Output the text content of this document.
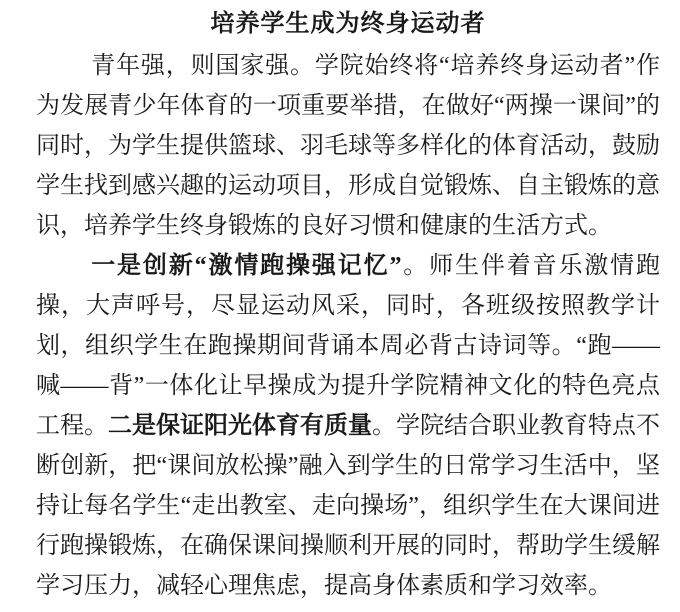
培养学生成为终身运动者

青年强，则国家强。学院始终将“培养终身运动者”作为发展青少年体育的一项重要举措，在做好“两操一课间”的同时，为学生提供篮球、羽毛球等多样化的体育活动，鼓励学生找到感兴趣的运动项目，形成自觉锻炼、自主锻炼的意识，培养学生终身锻炼的良好习惯和健康的生活方式。

一是创新“激情跑操强记忆”。师生伴着音乐激情跑操，大声呼号，尽显运动风采，同时，各班级按照教学计划，组织学生在跑操期间背诵本周必背古诗词等。“跑——喊——背”一体化让早操成为提升学院精神文化的特色亮点工程。二是保证阳光体育有质量。学院结合职业教育特点不断创新，把“课间放松操”融入到学生的日常学习生活中，坚持让每名学生“走出教室、走向操场”，组织学生在大课间进行跑操锻炼，在确保课间操顺利开展的同时，帮助学生缓解学习压力，减轻心理焦虑，提高身体素质和学习效率。
